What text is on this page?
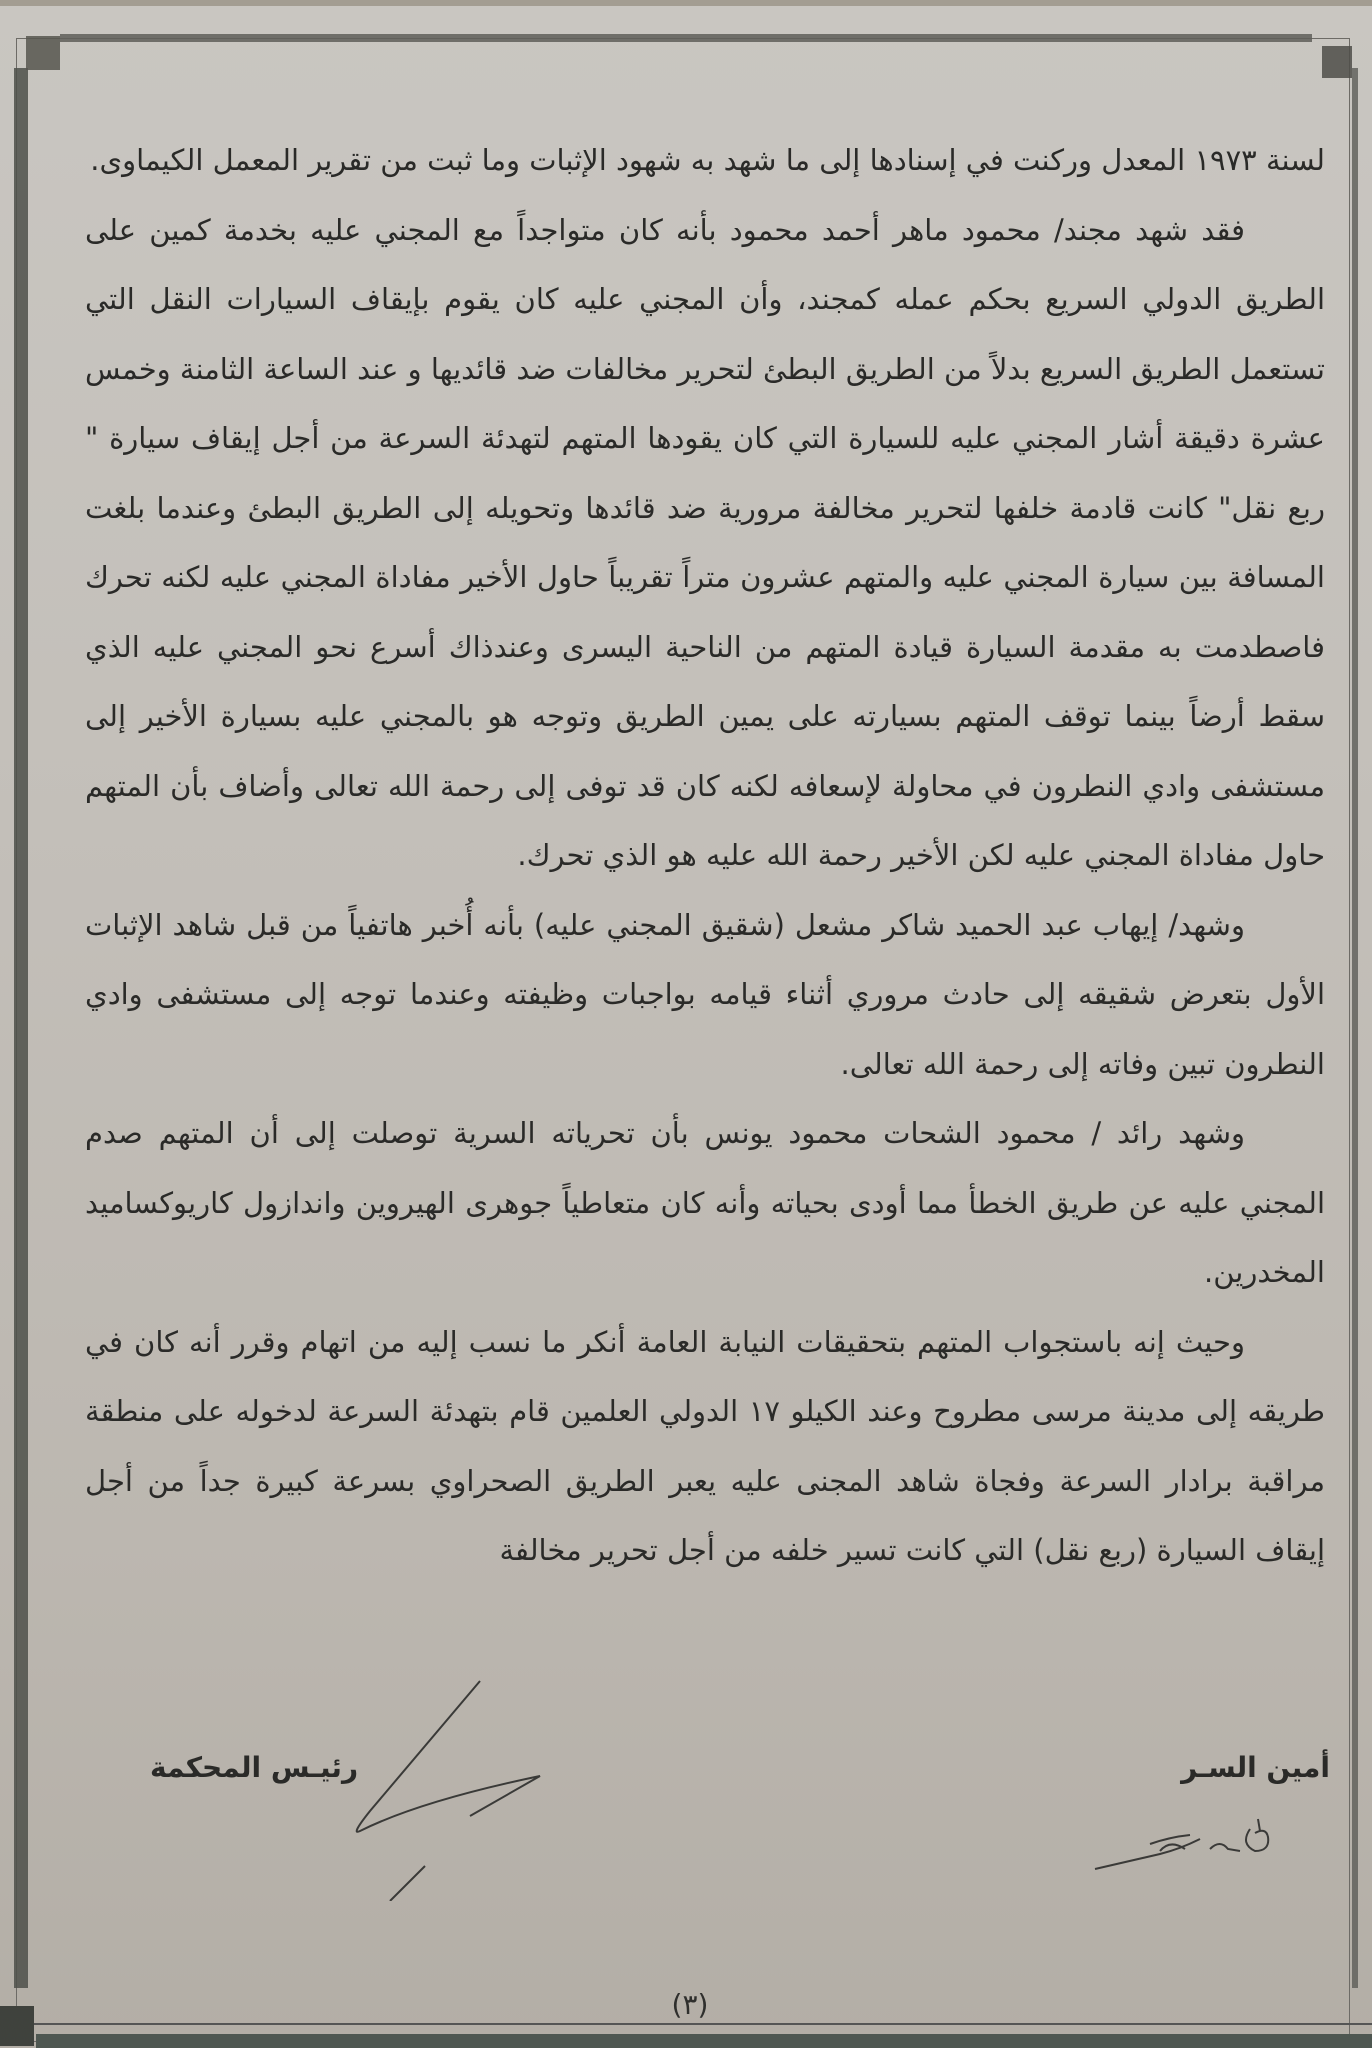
لسنة ١٩٧٣ المعدل وركنت في إسنادها إلى ما شهد به شهود الإثبات وما ثبت من تقرير المعمل الكيماوى.

فقد شهد مجند/ محمود ماهر أحمد محمود بأنه كان متواجداً مع المجني عليه بخدمة كمين على الطريق الدولي السريع بحكم عمله كمجند، وأن المجني عليه كان يقوم بإيقاف السيارات النقل التي تستعمل الطريق السريع بدلاً من الطريق البطئ لتحرير مخالفات ضد قائديها و عند الساعة الثامنة وخمس عشرة دقيقة أشار المجني عليه للسيارة التي كان يقودها المتهم لتهدئة السرعة من أجل إيقاف سيارة " ربع نقل" كانت قادمة خلفها لتحرير مخالفة مرورية ضد قائدها وتحويله إلى الطريق البطئ وعندما بلغت المسافة بين سيارة المجني عليه والمتهم عشرون متراً تقريباً حاول الأخير مفاداة المجني عليه لكنه تحرك فاصطدمت به مقدمة السيارة قيادة المتهم من الناحية اليسرى وعندذاك أسرع نحو المجني عليه الذي سقط أرضاً بينما توقف المتهم بسيارته على يمين الطريق وتوجه هو بالمجني عليه بسيارة الأخير إلى مستشفى وادي النطرون في محاولة لإسعافه لكنه كان قد توفى إلى رحمة الله تعالى وأضاف بأن المتهم حاول مفاداة المجني عليه لكن الأخير رحمة الله عليه هو الذي تحرك.

وشهد/ إيهاب عبد الحميد شاكر مشعل (شقيق المجني عليه) بأنه أُخبر هاتفياً من قبل شاهد الإثبات الأول بتعرض شقيقه إلى حادث مروري أثناء قيامه بواجبات وظيفته وعندما توجه إلى مستشفى وادي النطرون تبين وفاته إلى رحمة الله تعالى.

وشهد رائد / محمود الشحات محمود يونس بأن تحرياته السرية توصلت إلى أن المتهم صدم المجني عليه عن طريق الخطأ مما أودى بحياته وأنه كان متعاطياً جوهرى الهيروين واندازول كاريوكساميد المخدرين.

وحيث إنه باستجواب المتهم بتحقيقات النيابة العامة أنكر ما نسب إليه من اتهام وقرر أنه كان في طريقه إلى مدينة مرسى مطروح وعند الكيلو ١٧ الدولي العلمين قام بتهدئة السرعة لدخوله على منطقة مراقبة برادار السرعة وفجاة شاهد المجنى عليه يعبر الطريق الصحراوي بسرعة كبيرة جداً من أجل إيقاف السيارة (ربع نقل) التي كانت تسير خلفه من أجل تحرير مخالفة

أمين السـر
رئيـس المحكمة
(٣)
